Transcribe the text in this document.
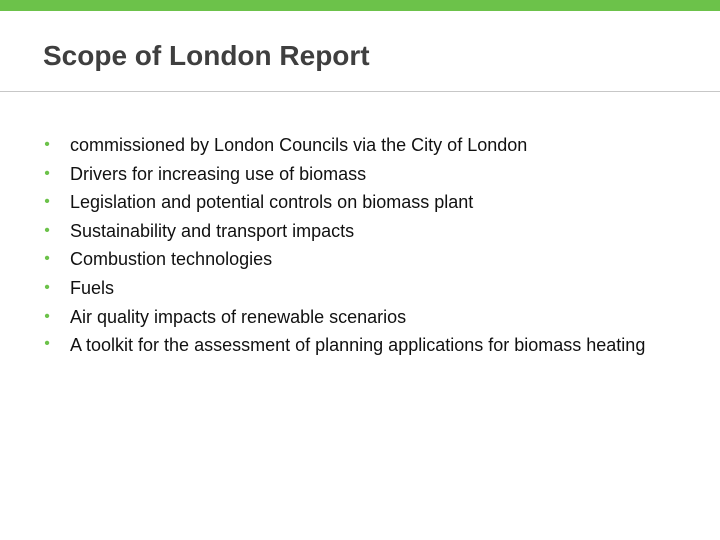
Scope of London Report
• commissioned by London Councils via the City of London
• Drivers for increasing use of biomass
• Legislation and potential controls on biomass plant
• Sustainability and transport impacts
• Combustion technologies
• Fuels
• Air quality impacts of renewable scenarios
• A toolkit for the assessment of planning applications for biomass heating
